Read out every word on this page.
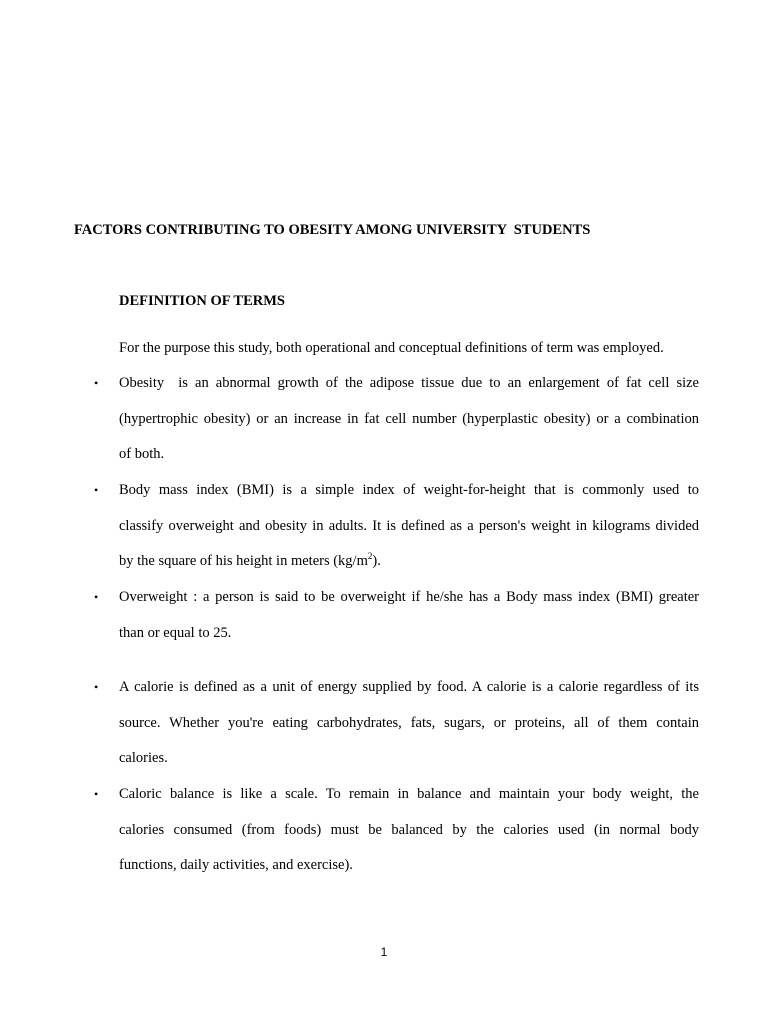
FACTORS CONTRIBUTING TO OBESITY AMONG UNIVERSITY  STUDENTS
DEFINITION OF TERMS
For the purpose this study, both operational and conceptual definitions of term was employed.
• Obesity  is an abnormal growth of the adipose tissue due to an enlargement of fat cell size
(hypertrophic obesity) or an increase in fat cell number (hyperplastic obesity) or a combination
of both.

• Body mass index (BMI) is a simple index of weight-for-height that is commonly used to
classify overweight and obesity in adults. It is defined as a person's weight in kilograms divided
by the square of his height in meters $(kg/m^2)$.

• Overweight : a person is said to be overweight if he/she has a Body mass index (BMI) greater
than or equal to 25.

• A calorie is defined as a unit of energy supplied by food. A calorie is a calorie regardless of its
source. Whether you're eating carbohydrates, fats, sugars, or proteins, all of them contain
calories.

• Caloric balance is like a scale. To remain in balance and maintain your body weight, the
calories consumed (from foods) must be balanced by the calories used (in normal body
functions, daily activities, and exercise).

1
